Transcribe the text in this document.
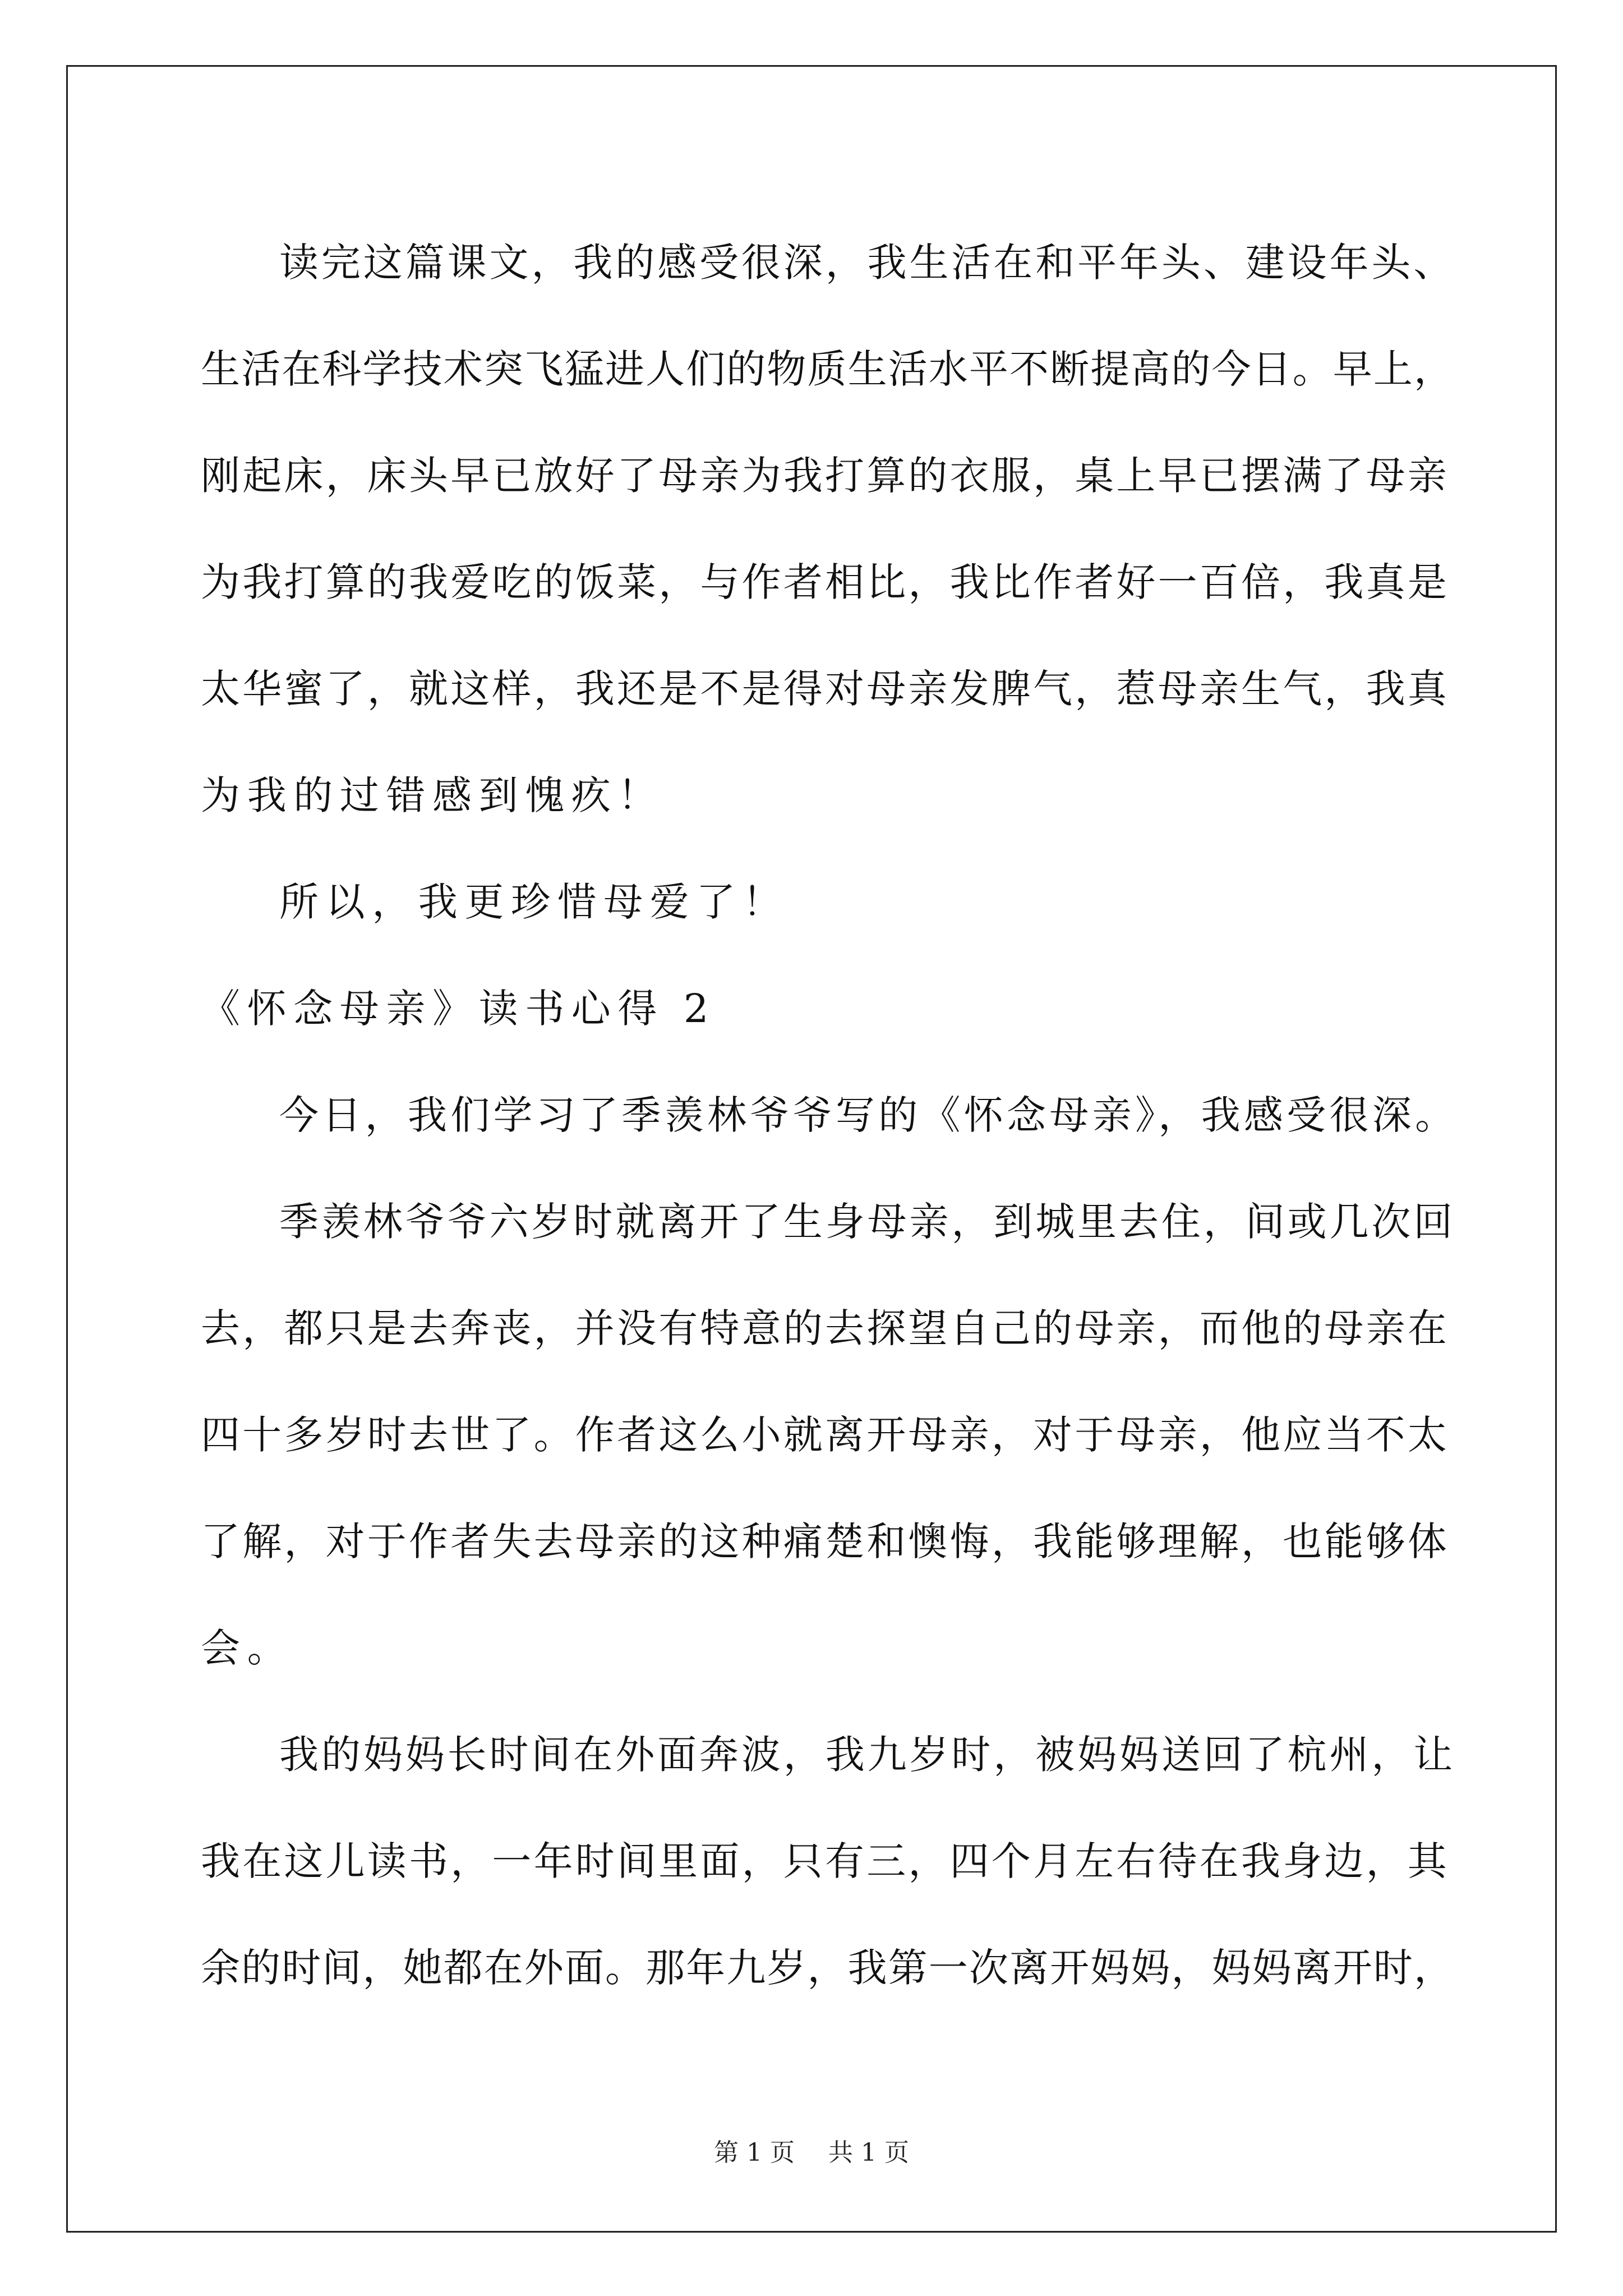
读完这篇课文，我的感受很深，我生活在和平年头、建设年头、
生活在科学技术突飞猛进人们的物质生活水平不断提高的今日。早上，
刚起床，床头早已放好了母亲为我打算的衣服，桌上早已摆满了母亲
为我打算的我爱吃的饭菜，与作者相比，我比作者好一百倍，我真是
太华蜜了，就这样，我还是不是得对母亲发脾气，惹母亲生气，我真
为我的过错感到愧疚！
所以，我更珍惜母爱了！
《怀念母亲》读书心得 2
今日，我们学习了季羡林爷爷写的《怀念母亲》，我感受很深。
季羡林爷爷六岁时就离开了生身母亲，到城里去住，间或几次回
去，都只是去奔丧，并没有特意的去探望自己的母亲，而他的母亲在
四十多岁时去世了。作者这么小就离开母亲，对于母亲，他应当不太
了解，对于作者失去母亲的这种痛楚和懊悔，我能够理解，也能够体
会。
我的妈妈长时间在外面奔波，我九岁时，被妈妈送回了杭州，让
我在这儿读书，一年时间里面，只有三，四个月左右待在我身边，其
余的时间，她都在外面。那年九岁，我第一次离开妈妈，妈妈离开时，
第 1 页 共 1 页
